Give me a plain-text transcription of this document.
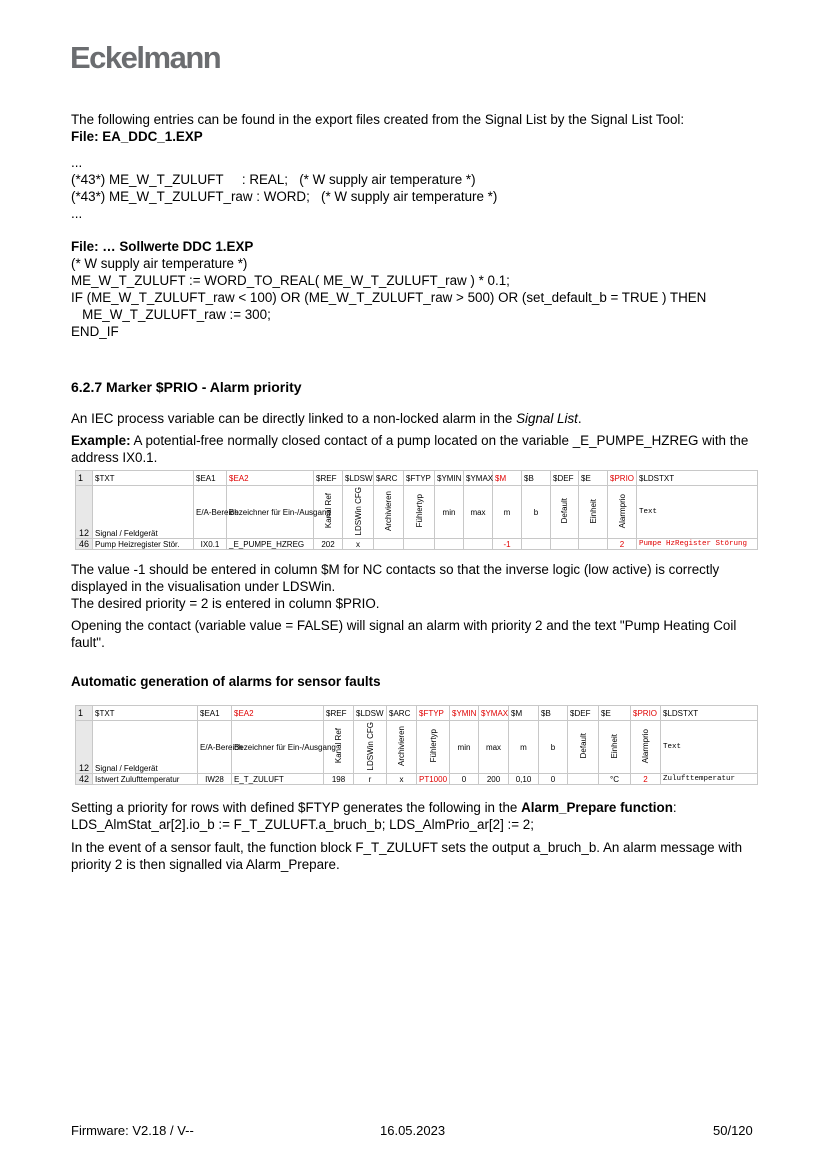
Eckelmann
The following entries can be found in the export files created from the Signal List by the Signal List Tool:
File: EA_DDC_1.EXP
...
(*43*) ME_W_T_ZULUFT     : REAL;   (* W supply air temperature *)
(*43*) ME_W_T_ZULUFT_raw : WORD;   (* W supply air temperature *)
...
File: … Sollwerte DDC 1.EXP
(* W supply air temperature *)
ME_W_T_ZULUFT := WORD_TO_REAL( ME_W_T_ZULUFT_raw ) * 0.1;
IF (ME_W_T_ZULUFT_raw < 100) OR (ME_W_T_ZULUFT_raw > 500) OR (set_default_b = TRUE ) THEN
ME_W_T_ZULUFT_raw := 300;
END_IF
6.2.7 Marker $PRIO - Alarm priority
An IEC process variable can be directly linked to a non-locked alarm in the Signal List.
Example: A potential-free normally closed contact of a pump located on the variable _E_PUMPE_HZREG with the address IX0.1.
1	$TXT	$EA1	$EA2	$REF	$LDSW	$ARC	$FTYP	$YMIN	$YMAX	$M	$B	$DEF	$E	$PRIO	$LDSTXT
12	Signal / Feldgerät	E/A-Bereich	Bezeichner für Ein-/Ausgang	Kanal Ref	LDSWin CFG	Archivieren	Fühlertyp	min	max	m	b	Default	Einheit	Alarmprio	Text
46	Pump Heizregister Stör.	IX0.1	_E_PUMPE_HZREG	202	x					-1				2	Pumpe HzRegister Störung
The value -1 should be entered in column $M for NC contacts so that the inverse logic (low active) is correctly displayed in the visualisation under LDSWin.
The desired priority = 2 is entered in column $PRIO.
Opening the contact (variable value = FALSE) will signal an alarm with priority 2 and the text "Pump Heating Coil fault".
Automatic generation of alarms for sensor faults
1	$TXT	$EA1	$EA2	$REF	$LDSW	$ARC	$FTYP	$YMIN	$YMAX	$M	$B	$DEF	$E	$PRIO	$LDSTXT
12	Signal / Feldgerät	E/A-Bereich	Bezeichner für Ein-/Ausgang	Kanal Ref	LDSWin CFG	Archivieren	Fühlertyp	min	max	m	b	Default	Einheit	Alarmprio	Text
42	Istwert Zulufttemperatur	IW28	E_T_ZULUFT	198	r	x	PT1000	0	200	0,10	0		°C	2	Zulufttemperatur
Setting a priority for rows with defined $FTYP generates the following in the Alarm_Prepare function:
LDS_AlmStat_ar[2].io_b := F_T_ZULUFT.a_bruch_b; LDS_AlmPrio_ar[2] := 2;
In the event of a sensor fault, the function block F_T_ZULUFT sets the output a_bruch_b. An alarm message with priority 2 is then signalled via Alarm_Prepare.
Firmware: V2.18 / V--	16.05.2023	50/120
